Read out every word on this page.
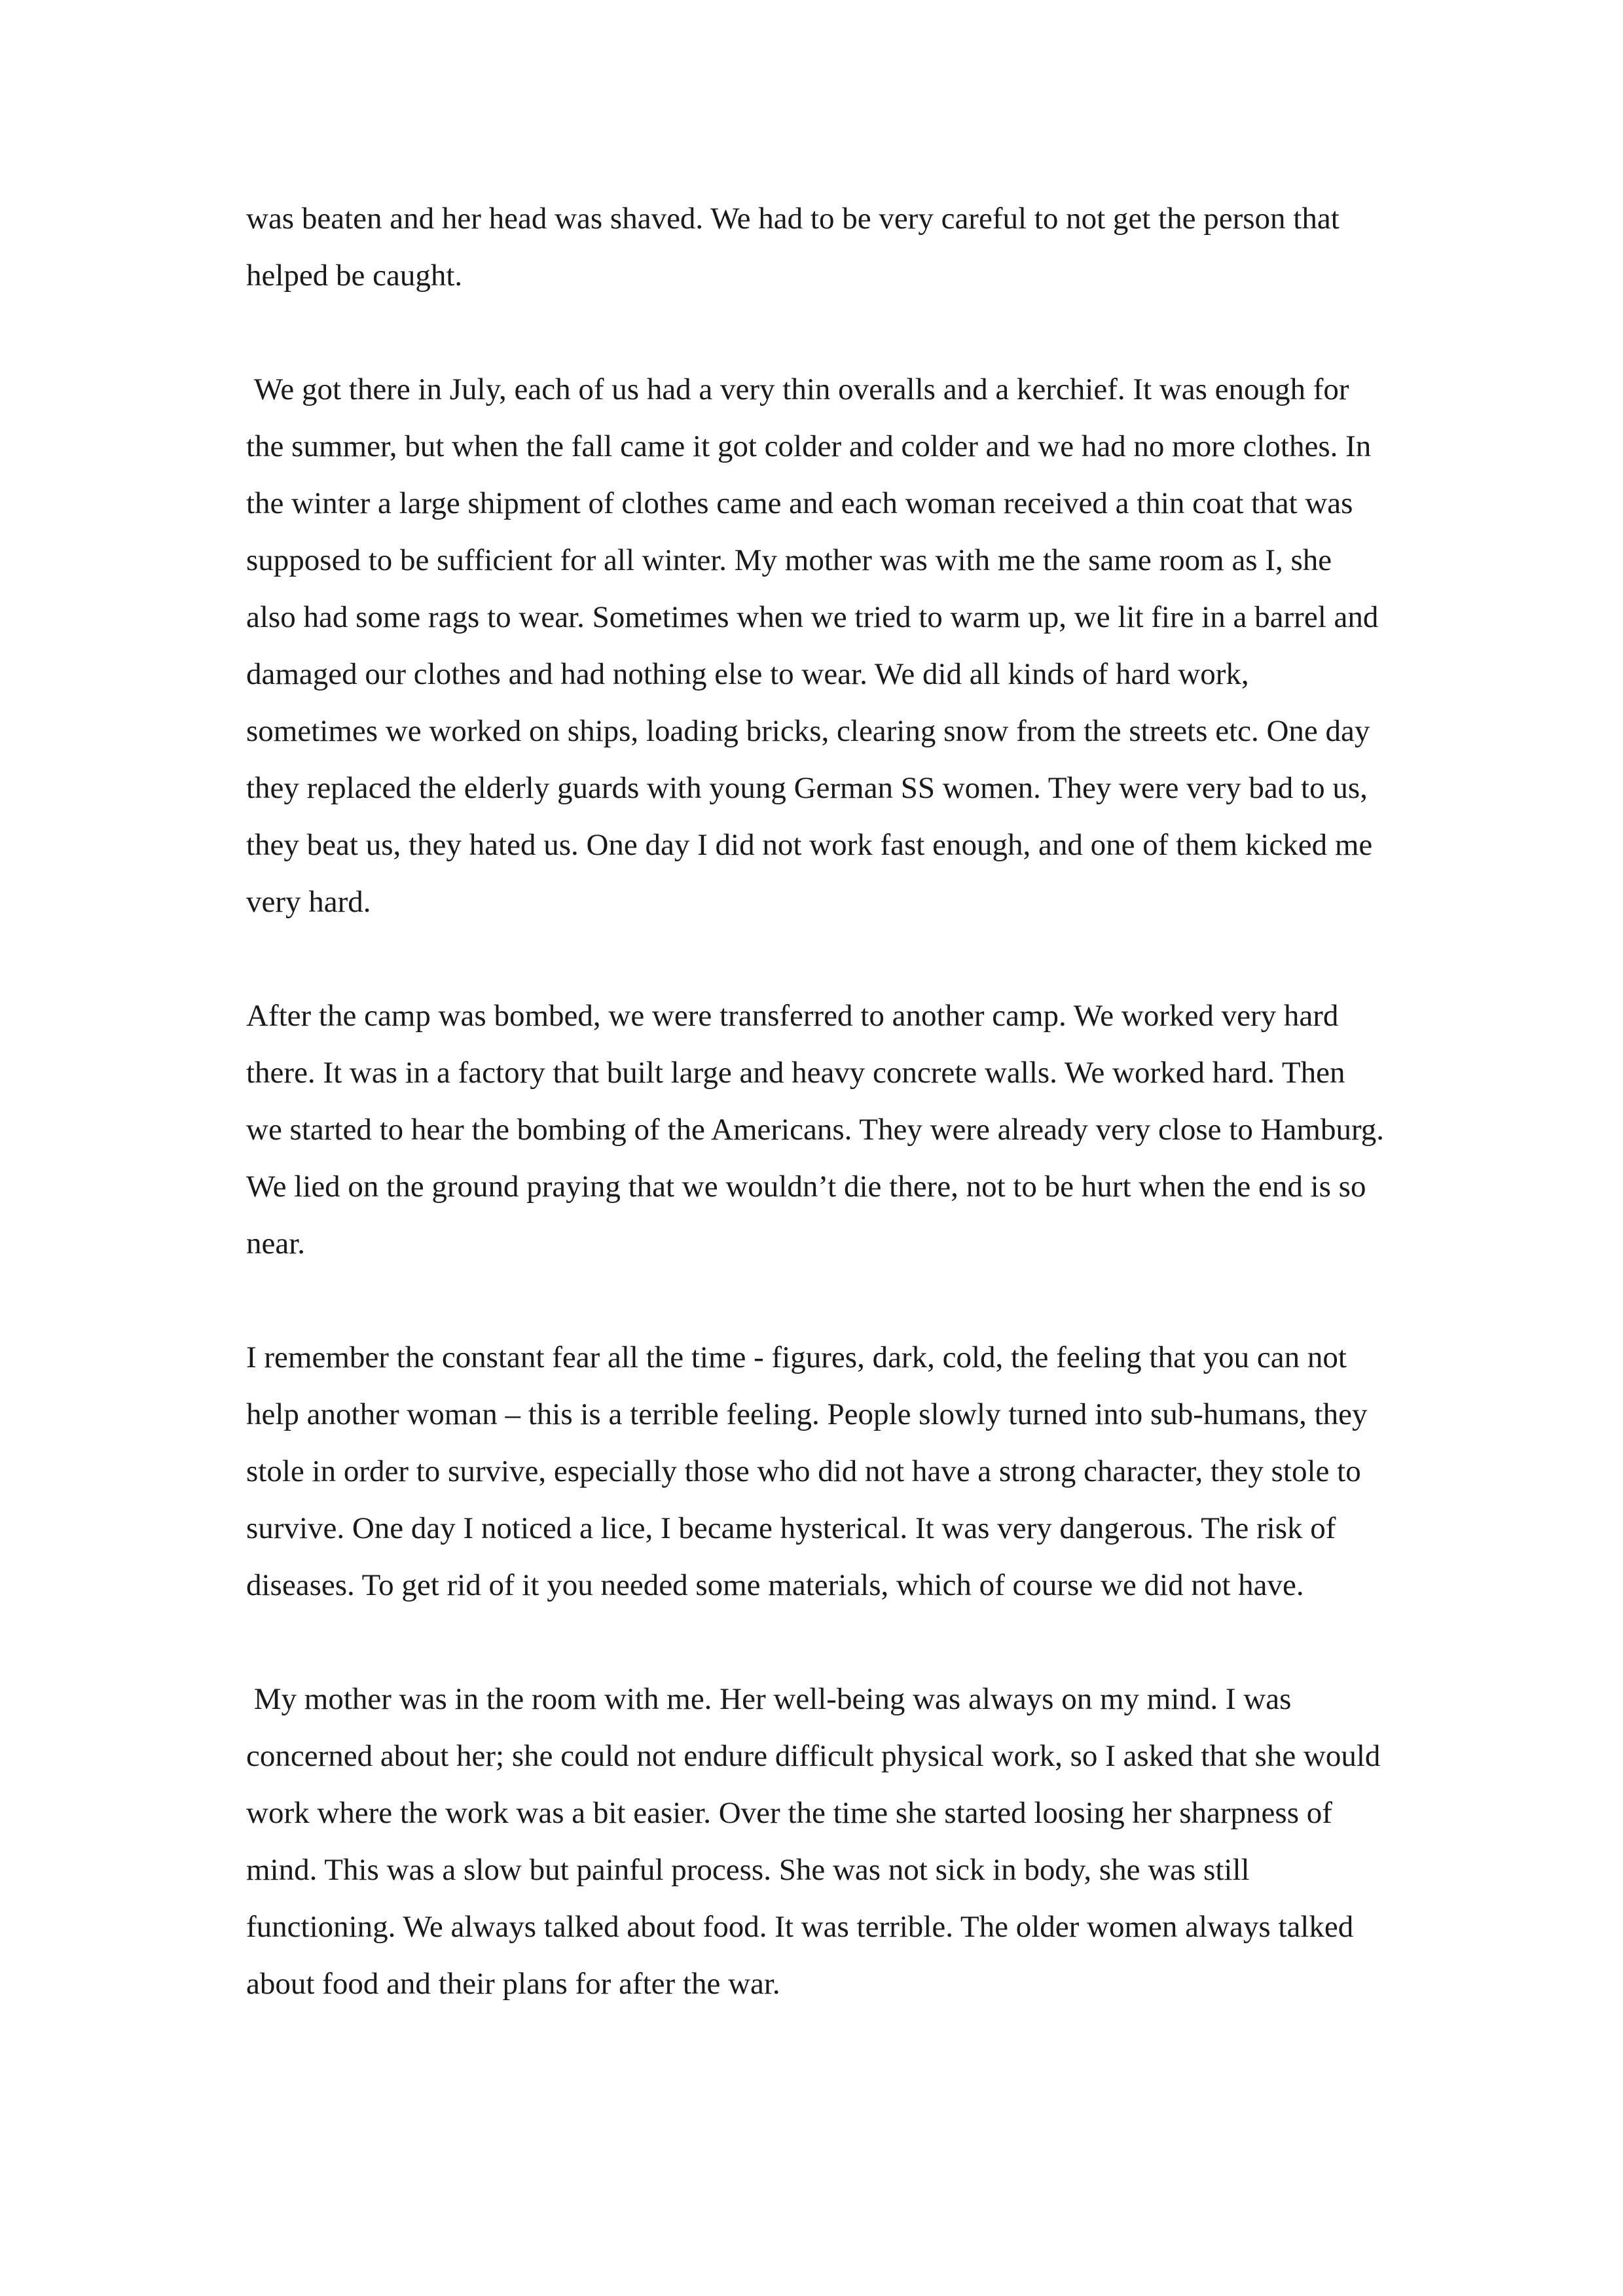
was beaten and her head was shaved. We had to be very careful to not get the person that helped be caught.

We got there in July, each of us had a very thin overalls and a kerchief. It was enough for the summer, but when the fall came it got colder and colder and we had no more clothes. In the winter a large shipment of clothes came and each woman received a thin coat that was supposed to be sufficient for all winter. My mother was with me the same room as I, she also had some rags to wear. Sometimes when we tried to warm up, we lit fire in a barrel and damaged our clothes and had nothing else to wear. We did all kinds of hard work, sometimes we worked on ships, loading bricks, clearing snow from the streets etc. One day they replaced the elderly guards with young German SS women. They were very bad to us, they beat us, they hated us. One day I did not work fast enough, and one of them kicked me very hard.

After the camp was bombed, we were transferred to another camp. We worked very hard there. It was in a factory that built large and heavy concrete walls. We worked hard. Then we started to hear the bombing of the Americans. They were already very close to Hamburg. We lied on the ground praying that we wouldn’t die there, not to be hurt when the end is so near.

I remember the constant fear all the time - figures, dark, cold, the feeling that you can not help another woman – this is a terrible feeling. People slowly turned into sub-humans, they stole in order to survive, especially those who did not have a strong character, they stole to survive. One day I noticed a lice, I became hysterical. It was very dangerous. The risk of diseases. To get rid of it you needed some materials, which of course we did not have.

My mother was in the room with me. Her well-being was always on my mind. I was concerned about her; she could not endure difficult physical work, so I asked that she would work where the work was a bit easier. Over the time she started loosing her sharpness of mind. This was a slow but painful process. She was not sick in body, she was still functioning. We always talked about food. It was terrible. The older women always talked about food and their plans for after the war.
